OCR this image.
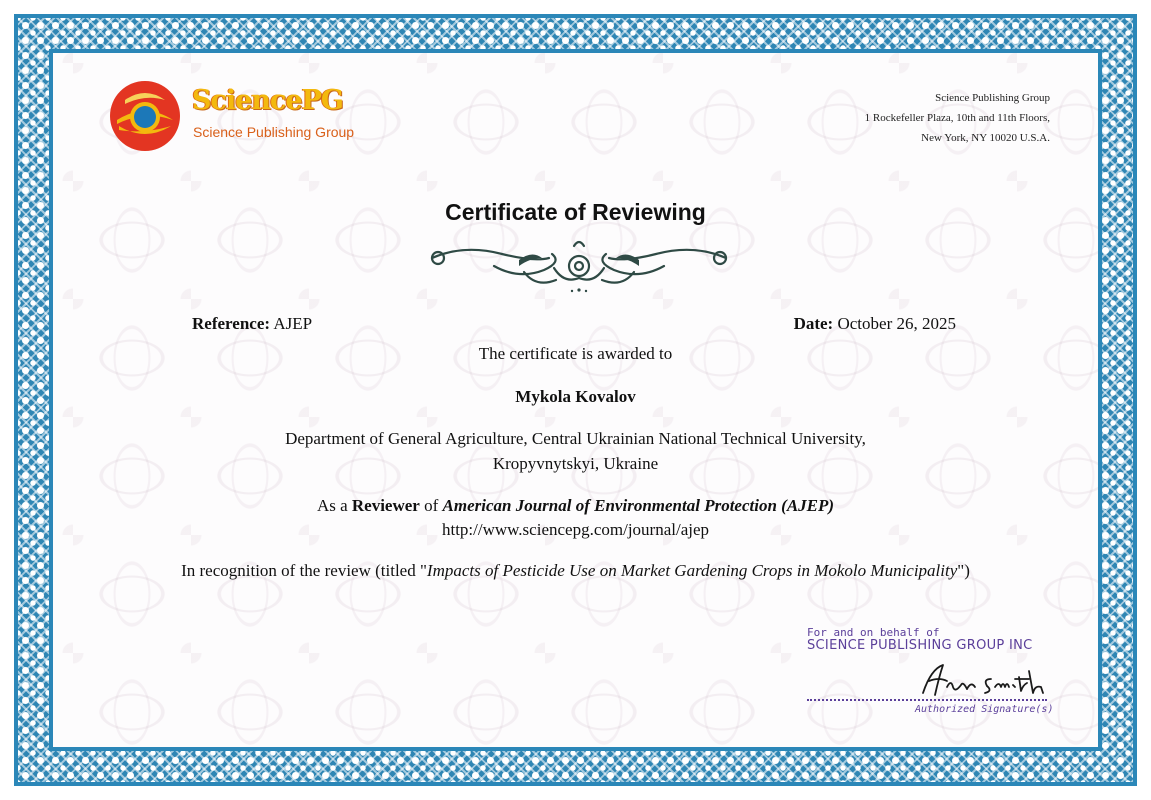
SciencePG
Science Publishing Group
Science Publishing Group
1 Rockefeller Plaza, 10th and 11th Floors,
New York, NY 10020 U.S.A.
Certificate of Reviewing
Reference: AJEP	Date: October 26, 2025
The certificate is awarded to
Mykola Kovalov
Department of General Agriculture, Central Ukrainian National Technical University,
Kropyvnytskyi, Ukraine
As a Reviewer of American Journal of Environmental Protection (AJEP)
http://www.sciencepg.com/journal/ajep
In recognition of the review (titled "Impacts of Pesticide Use on Market Gardening Crops in Mokolo Municipality")
For and on behalf of
SCIENCE PUBLISHING GROUP INC
Authorized Signature(s)
